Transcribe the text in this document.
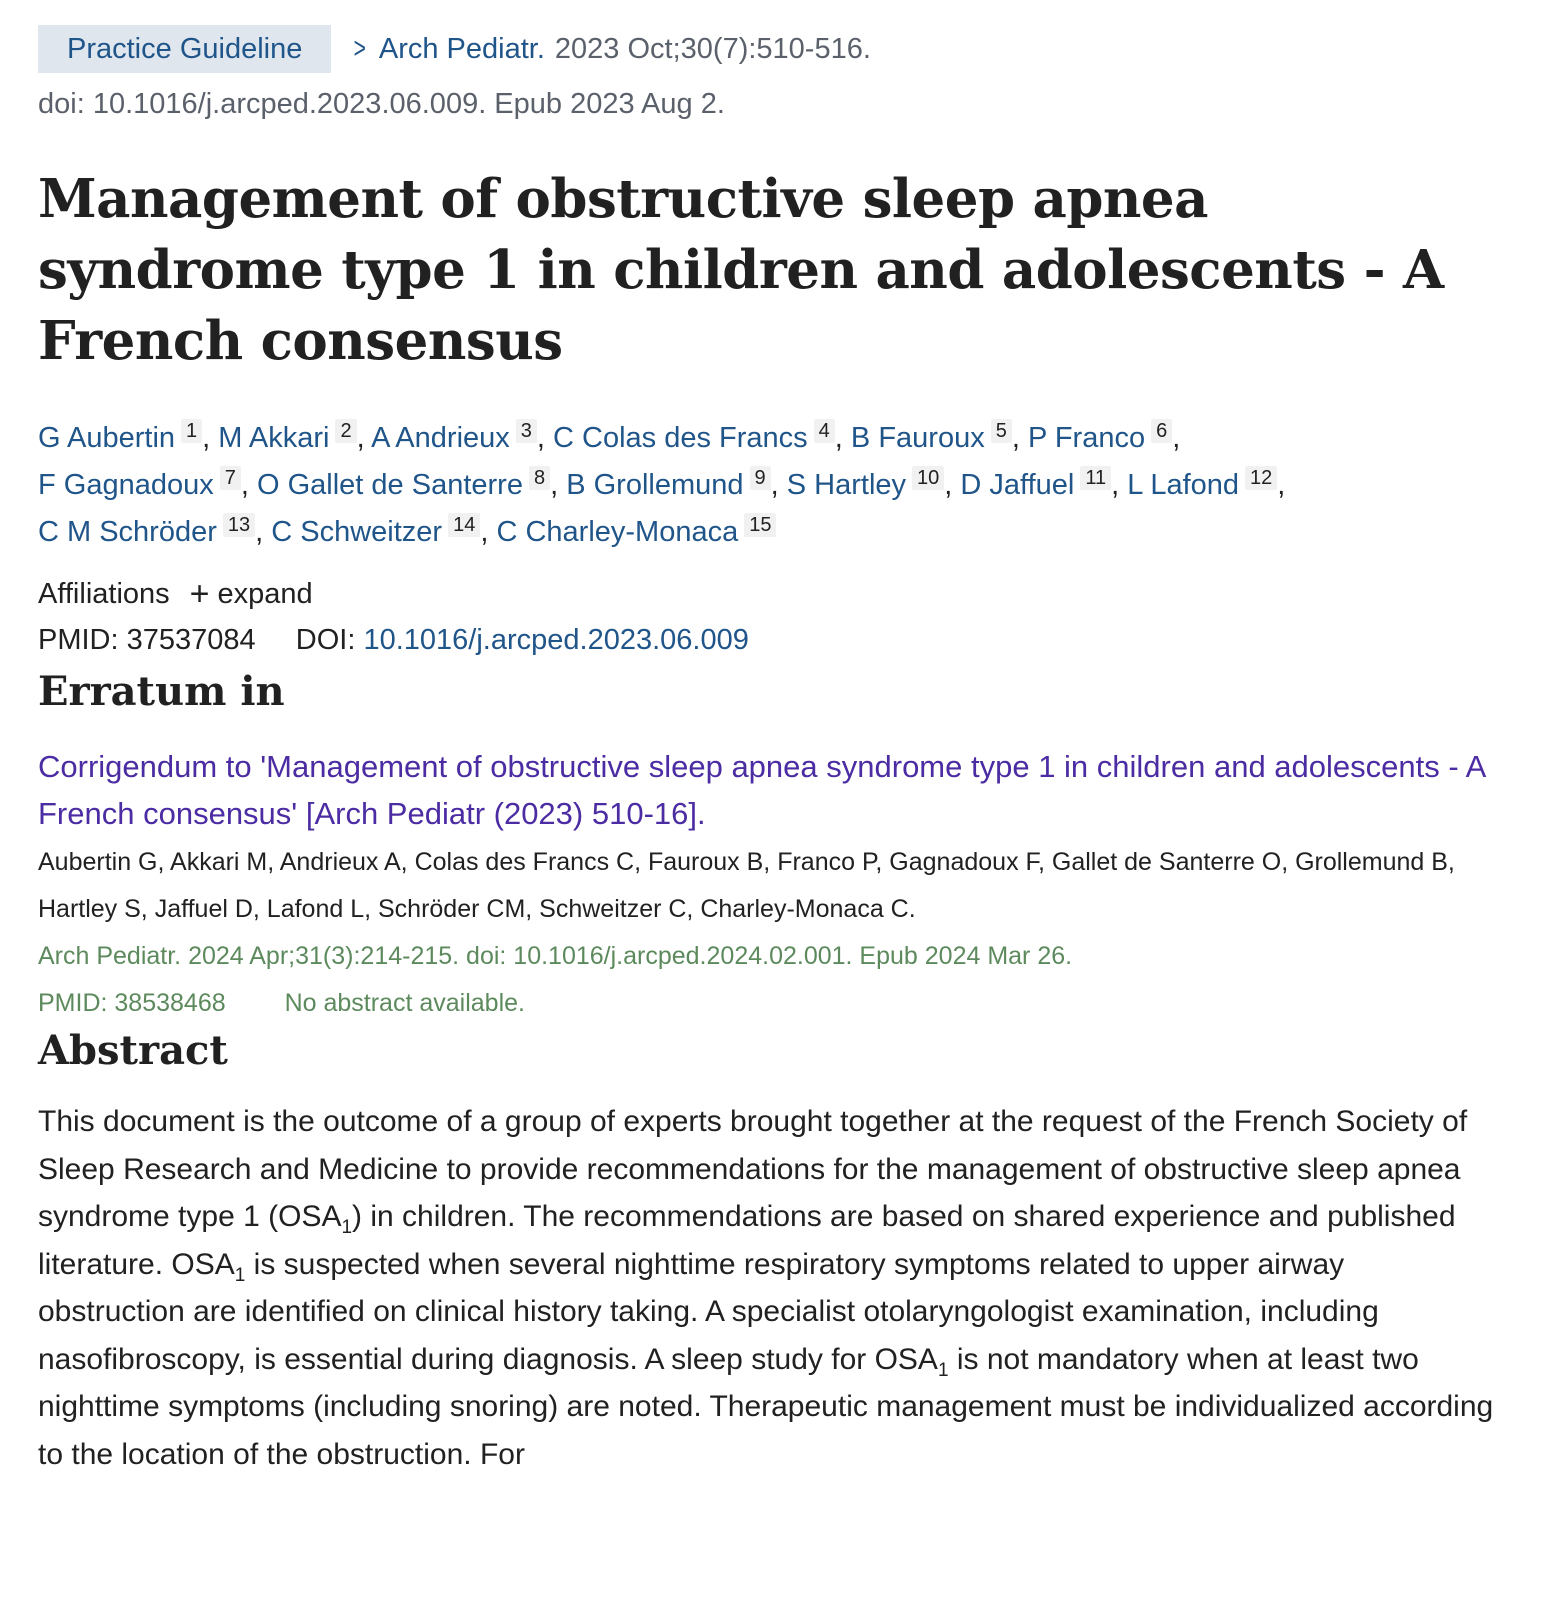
Practice Guideline	> Arch Pediatr. 2023 Oct;30(7):510-516.
doi: 10.1016/j.arcped.2023.06.009. Epub 2023 Aug 2.
Management of obstructive sleep apnea syndrome type 1 in children and adolescents - A French consensus
G Aubertin 1 , M Akkari 2 , A Andrieux 3 , C Colas des Francs 4 , B Fauroux 5 , P Franco 6 ,
F Gagnadoux 7 , O Gallet de Santerre 8 , B Grollemund 9 , S Hartley 10 , D Jaffuel 11 , L Lafond 12 ,
C M Schröder 13 , C Schweitzer 14 , C Charley-Monaca 15
Affiliations + expand
PMID: 37537084 DOI: 10.1016/j.arcped.2023.06.009
Erratum in
Corrigendum to 'Management of obstructive sleep apnea syndrome type 1 in children and adolescents - A French consensus' [Arch Pediatr (2023) 510-16].
Aubertin G, Akkari M, Andrieux A, Colas des Francs C, Fauroux B, Franco P, Gagnadoux F, Gallet de Santerre O, Grollemund B, Hartley S, Jaffuel D, Lafond L, Schröder CM, Schweitzer C, Charley-Monaca C.
Arch Pediatr. 2024 Apr;31(3):214-215. doi: 10.1016/j.arcped.2024.02.001. Epub 2024 Mar 26.
PMID: 38538468 No abstract available.
Abstract
This document is the outcome of a group of experts brought together at the request of the French Society of Sleep Research and Medicine to provide recommendations for the management of obstructive sleep apnea syndrome type 1 $(OSA_1)$ in children. The recommendations are based on shared experience and published literature. $OSA_1$ is suspected when several nighttime respiratory symptoms related to upper airway obstruction are identified on clinical history taking. A specialist otolaryngologist examination, including nasofibroscopy, is essential during diagnosis. A sleep study for $OSA_1$ is not mandatory when at least two nighttime symptoms (including snoring) are noted. Therapeutic management must be individualized according to the location of the obstruction. For
